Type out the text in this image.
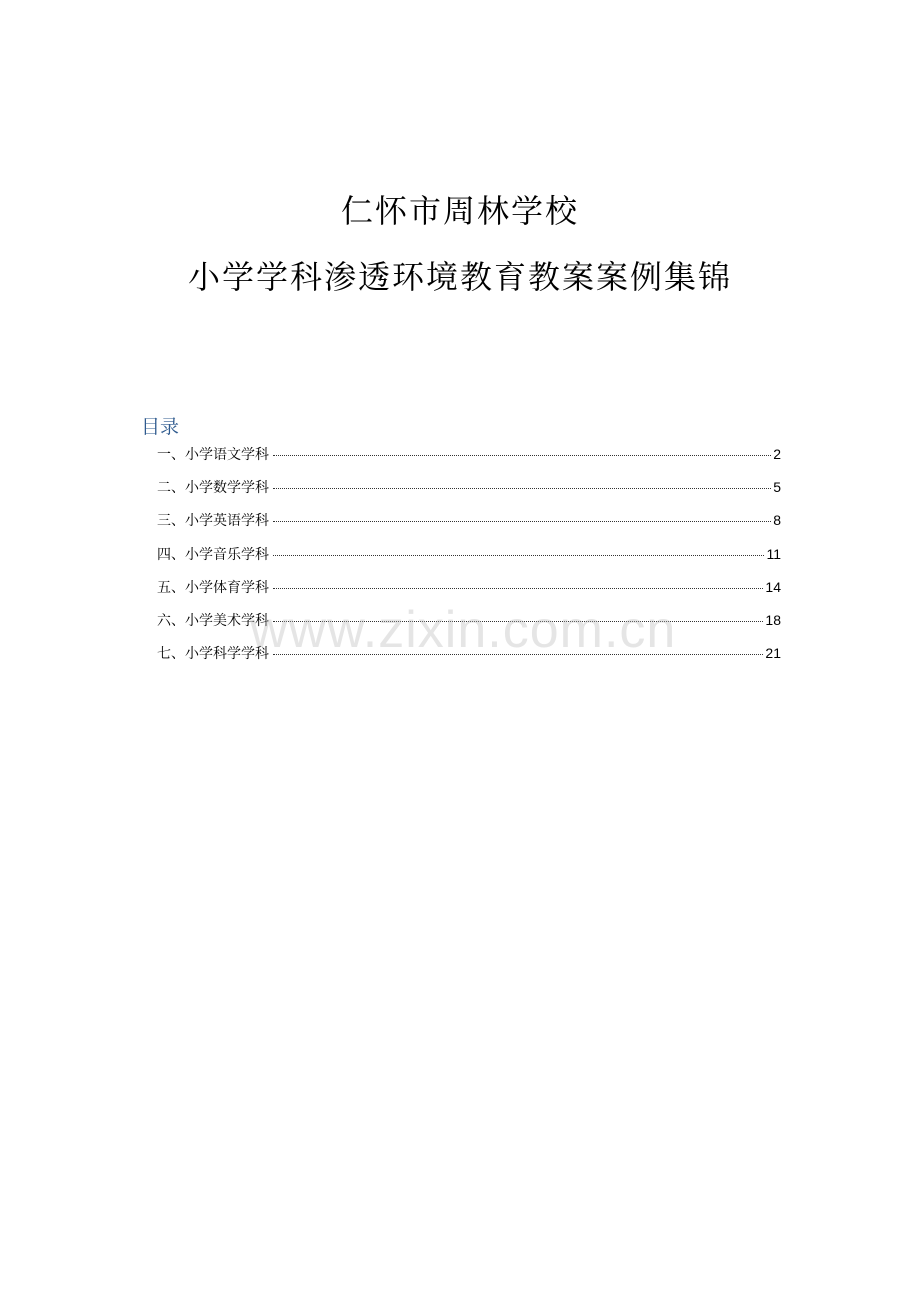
仁怀市周林学校
小学学科渗透环境教育教案案例集锦
目录
一、小学语文学科	2
二、小学数学学科	5
三、小学英语学科	8
四、小学音乐学科	11
五、小学体育学科	14
六、小学美术学科	18
七、小学科学学科	21
www.zixin.com.cn
